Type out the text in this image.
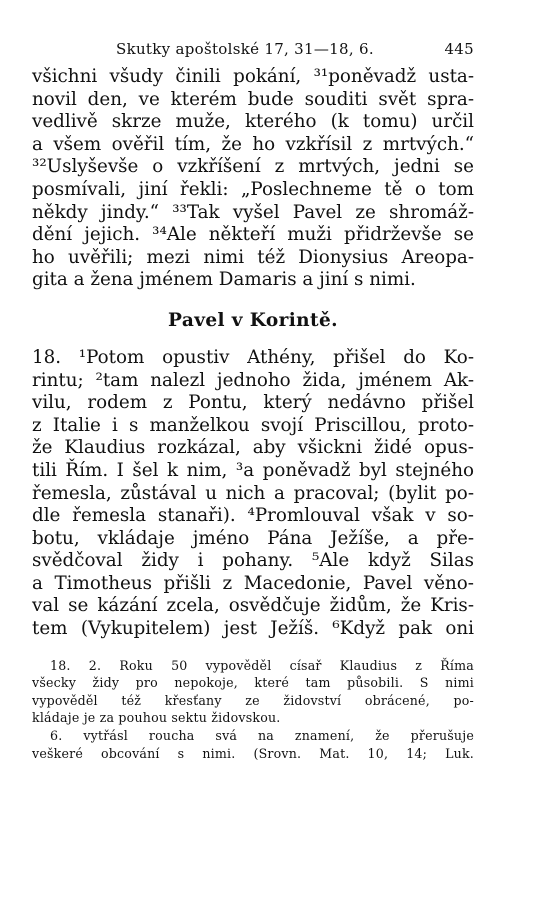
Skutky apoštolské 17, 31—18, 6.	445
všichni všudy činili pokání, ³¹poněvadž usta-
novil den, ve kterém bude souditi svět spra-
vedlivě skrze muže, kterého (k tomu) určil
a všem ověřil tím, že ho vzkřísil z mrtvých.“
³²Uslyševše o vzkříšení z mrtvých, jedni se
posmívali, jiní řekli: „Poslechneme tě o tom
někdy jindy.“ ³³Tak vyšel Pavel ze shromáž-
dění jejich. ³⁴Ale někteří muži přidrževše se
ho uvěřili; mezi nimi též Dionysius Areopa-
gita a žena jménem Damaris a jiní s nimi.
Pavel v Korintě.
18. ¹Potom opustiv Athény, přišel do Ko-
rintu; ²tam nalezl jednoho žida, jménem Ak-
vilu, rodem z Pontu, který nedávno přišel
z Italie i s manželkou svojí Priscillou, proto-
že Klaudius rozkázal, aby všickni židé opus-
tili Řím. I šel k nim, ³a poněvadž byl stejného
řemesla, zůstával u nich a pracoval; (bylit po-
dle řemesla stanaři). ⁴Promlouval však v so-
botu, vkládaje jméno Pána Ježíše, a pře-
svědčoval židy i pohany. ⁵Ale když Silas
a Timotheus přišli z Macedonie, Pavel věno-
val se kázání zcela, osvědčuje židům, že Kris-
tem (Vykupitelem) jest Ježíš. ⁶Když pak oni
18. 2. Roku 50 vypověděl císař Klaudius z Říma
všecky židy pro nepokoje, které tam působili. S nimi
vypověděl též křesťany ze židovství obrácené, po-
kládaje je za pouhou sektu židovskou.
6. vytřásl roucha svá na znamení, že přerušuje
veškeré obcování s nimi. (Srovn. Mat. 10, 14; Luk.
